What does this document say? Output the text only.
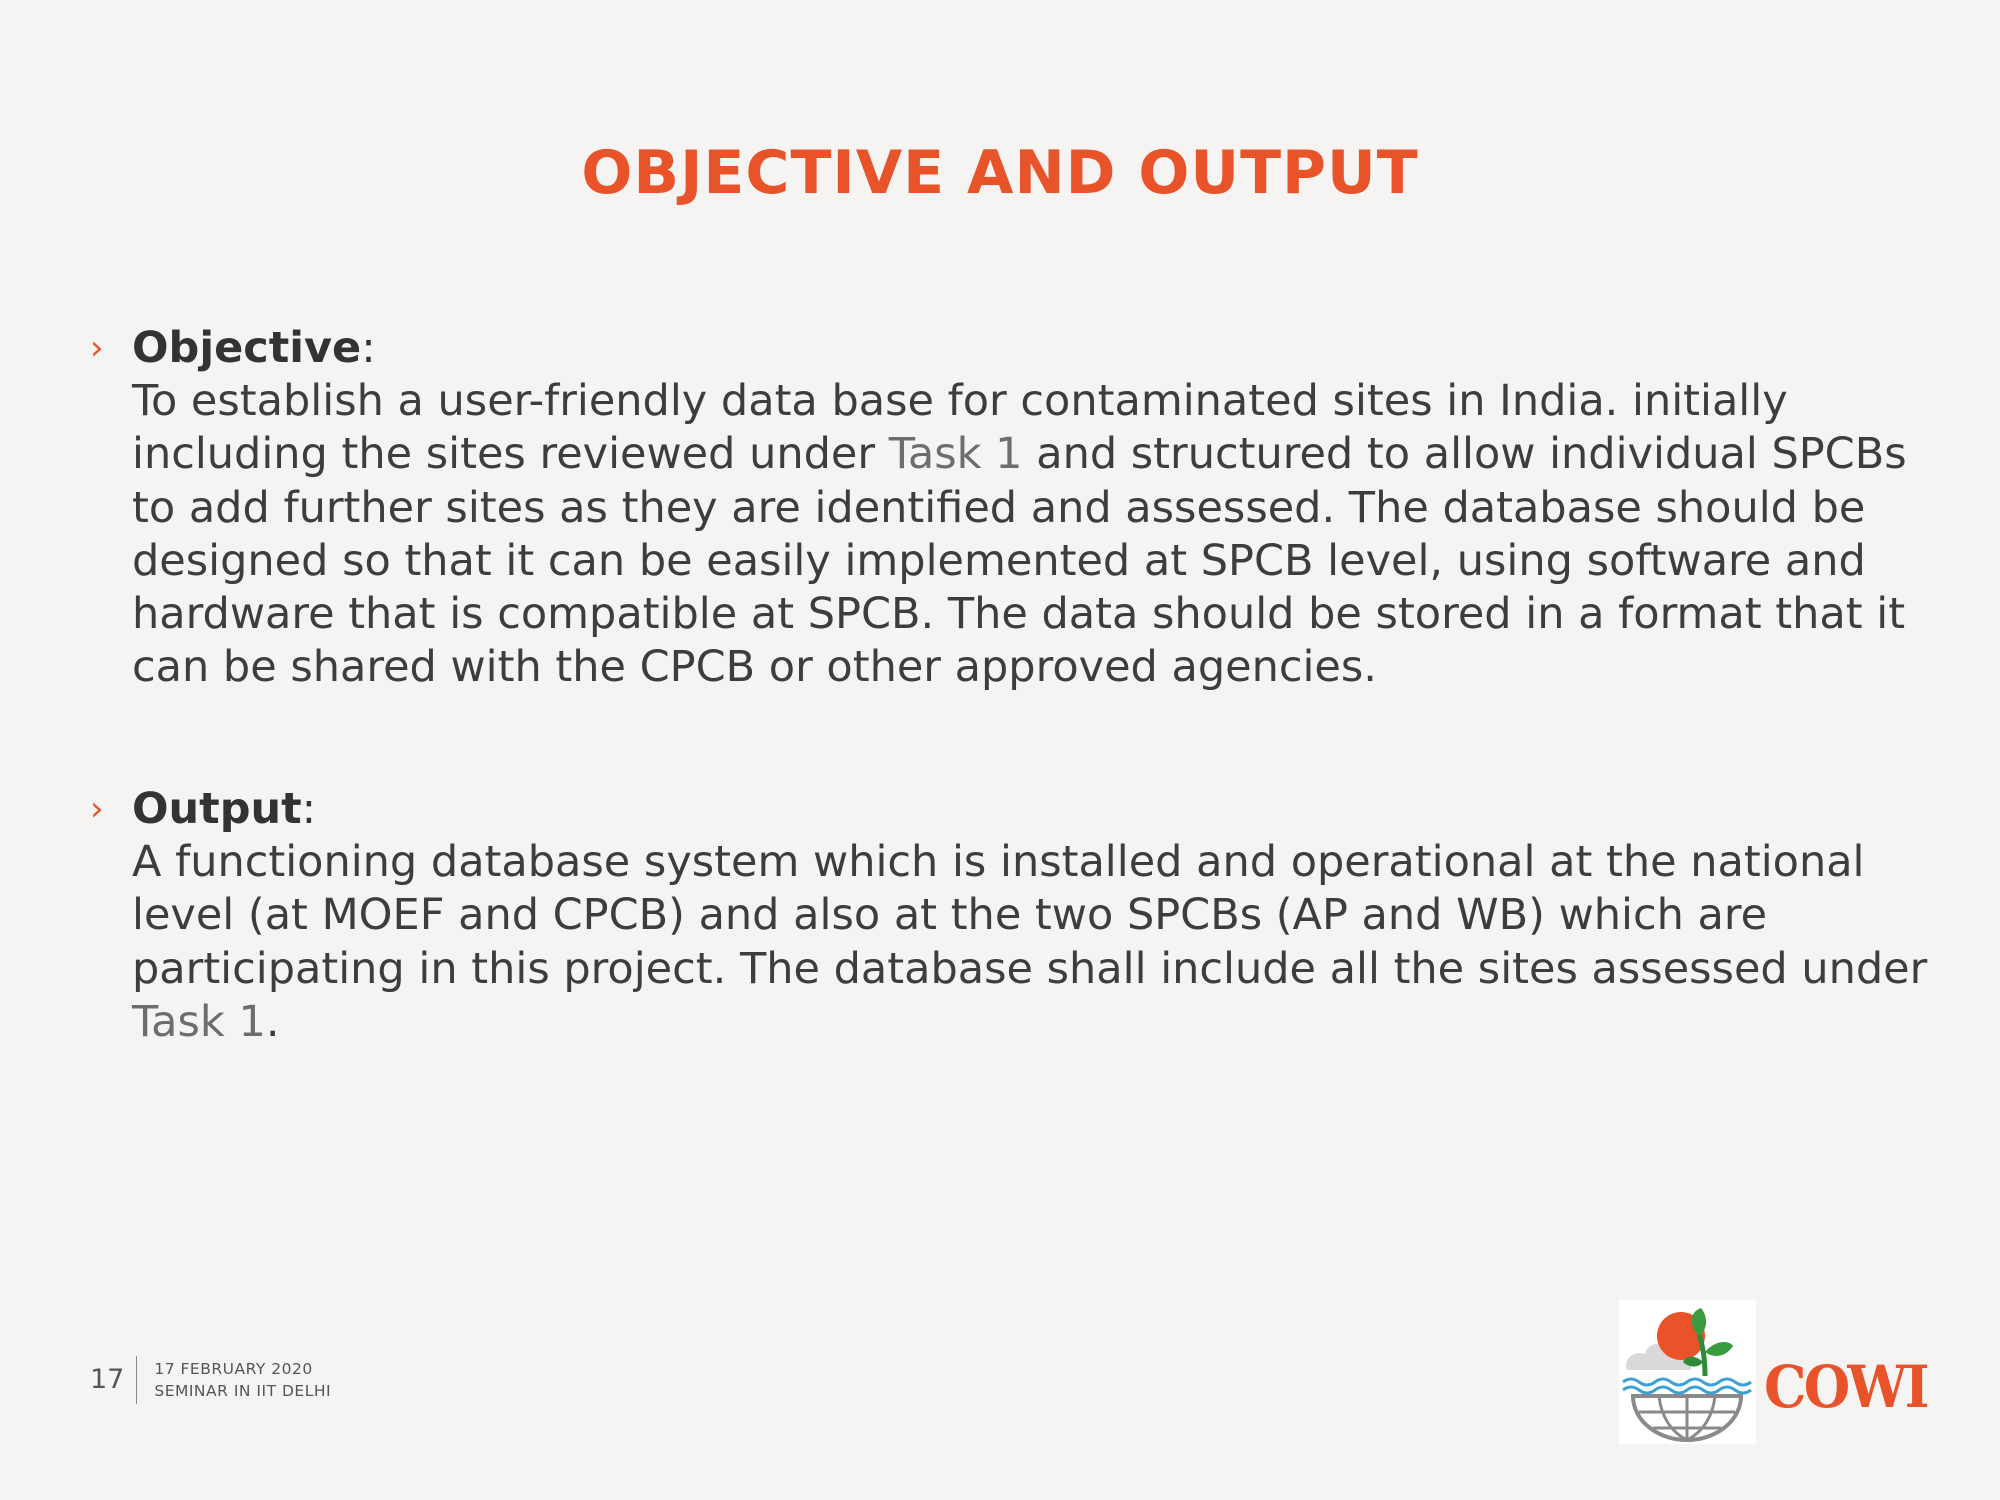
OBJECTIVE AND OUTPUT
› Objective:
To establish a user-friendly data base for contaminated sites in India. initially including the sites reviewed under Task 1 and structured to allow individual SPCBs to add further sites as they are identified and assessed. The database should be designed so that it can be easily implemented at SPCB level, using software and hardware that is compatible at SPCB. The data should be stored in a format that it can be shared with the CPCB or other approved agencies.
› Output:
A functioning database system which is installed and operational at the national level (at MOEF and CPCB) and also at the two SPCBs (AP and WB) which are participating in this project. The database shall include all the sites assessed under Task 1.
17	17 FEBRUARY 2020
SEMINAR IN IIT DELHI	COWI
